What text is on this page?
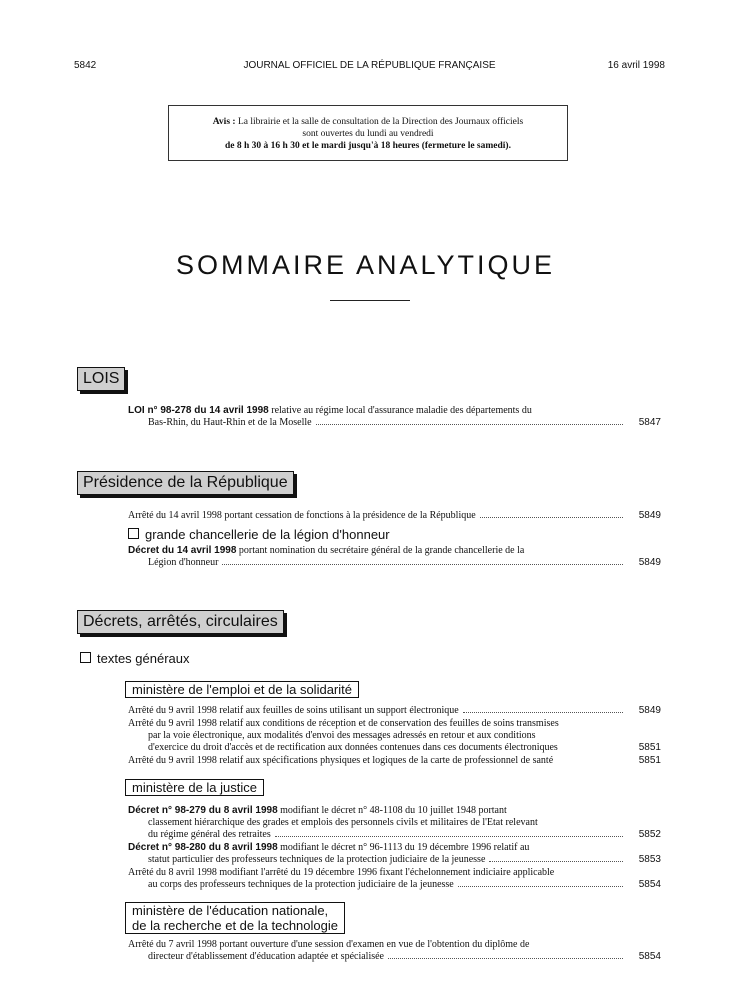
5842	JOURNAL OFFICIEL DE LA RÉPUBLIQUE FRANÇAISE	16 avril 1998
Avis : La librairie et la salle de consultation de la Direction des Journaux officiels
sont ouvertes du lundi au vendredi
de 8 h 30 à 16 h 30 et le mardi jusqu'à 18 heures (fermeture le samedi).
SOMMAIRE ANALYTIQUE
LOIS
LOI n° 98-278 du 14 avril 1998 relative au régime local d'assurance maladie des départements du
Bas-Rhin, du Haut-Rhin et de la Moselle	5847
Présidence de la République
Arrêté du 14 avril 1998 portant cessation de fonctions à la présidence de la République	5849
grande chancellerie de la légion d'honneur
Décret du 14 avril 1998 portant nomination du secrétaire général de la grande chancellerie de la
Légion d'honneur	5849
Décrets, arrêtés, circulaires
textes généraux
ministère de l'emploi et de la solidarité
Arrêté du 9 avril 1998 relatif aux feuilles de soins utilisant un support électronique	5849
Arrêté du 9 avril 1998 relatif aux conditions de réception et de conservation des feuilles de soins transmises
par la voie électronique, aux modalités d'envoi des messages adressés en retour et aux conditions
d'exercice du droit d'accès et de rectification aux données contenues dans ces documents électroniques	5851
Arrêté du 9 avril 1998 relatif aux spécifications physiques et logiques de la carte de professionnel de santé	5851
ministère de la justice
Décret n° 98-279 du 8 avril 1998 modifiant le décret n° 48-1108 du 10 juillet 1948 portant
classement hiérarchique des grades et emplois des personnels civils et militaires de l'Etat relevant
du régime général des retraites	5852
Décret n° 98-280 du 8 avril 1998 modifiant le décret n° 96-1113 du 19 décembre 1996 relatif au
statut particulier des professeurs techniques de la protection judiciaire de la jeunesse	5853
Arrêté du 8 avril 1998 modifiant l'arrêté du 19 décembre 1996 fixant l'échelonnement indiciaire applicable
au corps des professeurs techniques de la protection judiciaire de la jeunesse	5854
ministère de l'éducation nationale,
de la recherche et de la technologie
Arrêté du 7 avril 1998 portant ouverture d'une session d'examen en vue de l'obtention du diplôme de
directeur d'établissement d'éducation adaptée et spécialisée	5854
